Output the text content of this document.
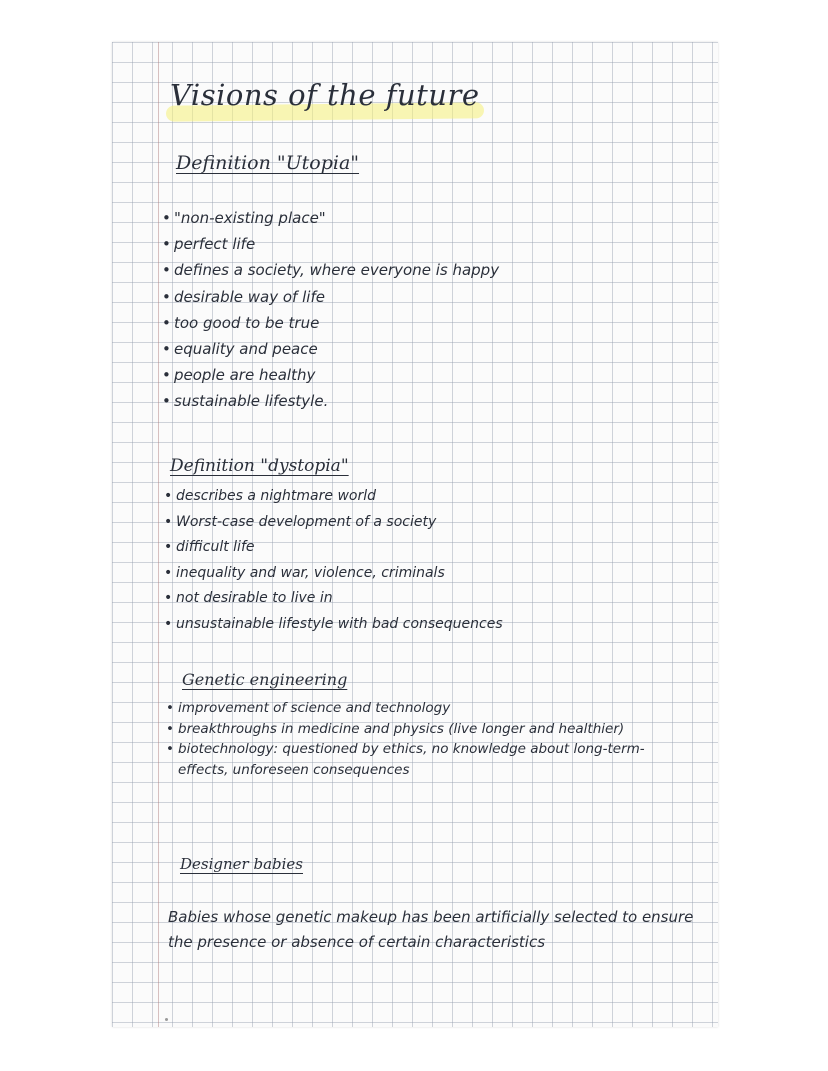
Visions of the future
Definition "Utopia"
• "non-existing place"
• perfect life
• defines a society, where everyone is happy
• desirable way of life
• too good to be true
• equality and peace
• people are healthy
• sustainable lifestyle.
Definition "dystopia"
• describes a nightmare world
• Worst-case development of a society
• difficult life
• inequality and war, violence, criminals
• not desirable to live in
• unsustainable lifestyle with bad consequences
Genetic engineering
• improvement of science and technology
• breakthroughs in medicine and physics (live longer and healthier)
• biotechnology: questioned by ethics, no knowledge about long-term-effects, unforeseen consequences
Designer babies

Babies whose genetic makeup has been artificially selected to ensure the presence or absence of certain characteristics
